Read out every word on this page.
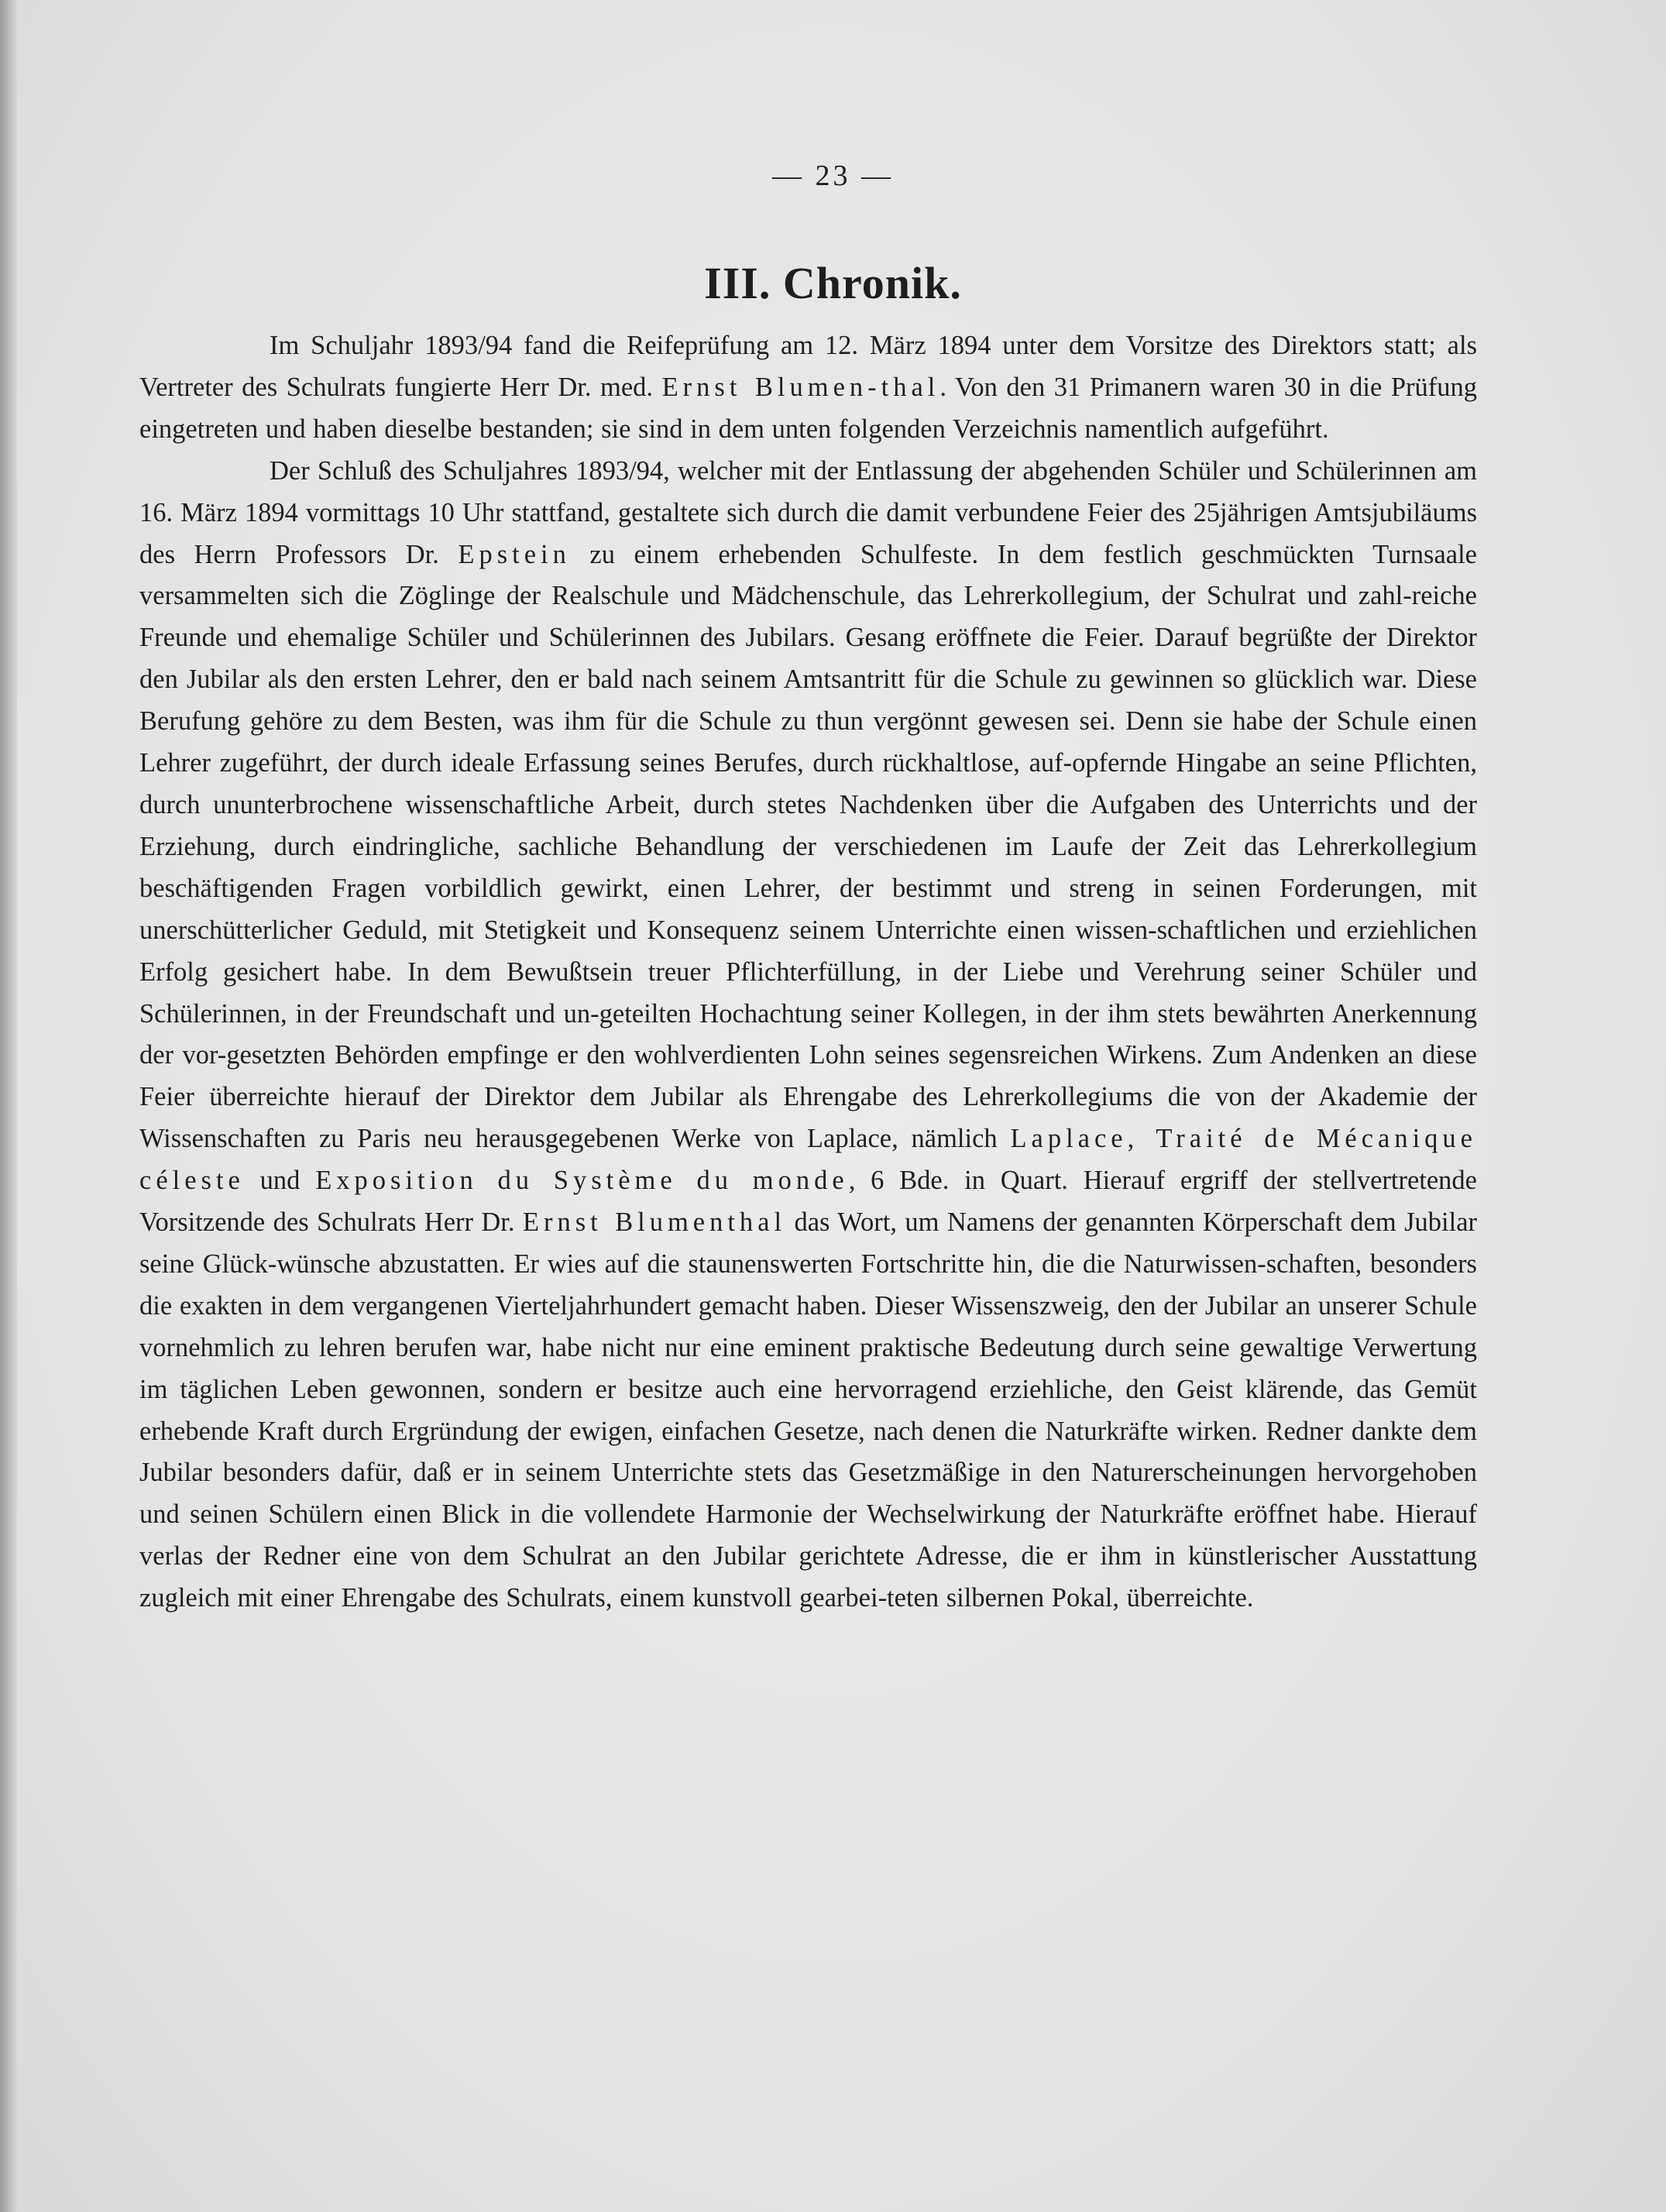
— 23 —
III. Chronik.

Im Schuljahr 1893/94 fand die Reifeprüfung am 12. März 1894 unter dem Vorsitze des Direktors statt; als Vertreter des Schulrats fungierte Herr Dr. med. Ernst Blumen-thal. Von den 31 Primanern waren 30 in die Prüfung eingetreten und haben dieselbe bestanden; sie sind in dem unten folgenden Verzeichnis namentlich aufgeführt.

Der Schluß des Schuljahres 1893/94, welcher mit der Entlassung der abgehenden Schüler und Schülerinnen am 16. März 1894 vormittags 10 Uhr stattfand, gestaltete sich durch die damit verbundene Feier des 25jährigen Amtsjubiläums des Herrn Professors Dr. Epstein zu einem erhebenden Schulfeste. In dem festlich geschmückten Turnsaale versammelten sich die Zöglinge der Realschule und Mädchenschule, das Lehrerkollegium, der Schulrat und zahl-reiche Freunde und ehemalige Schüler und Schülerinnen des Jubilars. Gesang eröffnete die Feier. Darauf begrüßte der Direktor den Jubilar als den ersten Lehrer, den er bald nach seinem Amtsantritt für die Schule zu gewinnen so glücklich war. Diese Berufung gehöre zu dem Besten, was ihm für die Schule zu thun vergönnt gewesen sei. Denn sie habe der Schule einen Lehrer zugeführt, der durch ideale Erfassung seines Berufes, durch rückhaltlose, auf-opfernde Hingabe an seine Pflichten, durch ununterbrochene wissenschaftliche Arbeit, durch stetes Nachdenken über die Aufgaben des Unterrichts und der Erziehung, durch eindringliche, sachliche Behandlung der verschiedenen im Laufe der Zeit das Lehrerkollegium beschäftigenden Fragen vorbildlich gewirkt, einen Lehrer, der bestimmt und streng in seinen Forderungen, mit unerschütterlicher Geduld, mit Stetigkeit und Konsequenz seinem Unterrichte einen wissen-schaftlichen und erziehlichen Erfolg gesichert habe. In dem Bewußtsein treuer Pflichterfüllung, in der Liebe und Verehrung seiner Schüler und Schülerinnen, in der Freundschaft und un-geteilten Hochachtung seiner Kollegen, in der ihm stets bewährten Anerkennung der vor-gesetzten Behörden empfinge er den wohlverdienten Lohn seines segensreichen Wirkens. Zum Andenken an diese Feier überreichte hierauf der Direktor dem Jubilar als Ehrengabe des Lehrerkollegiums die von der Akademie der Wissenschaften zu Paris neu herausgegebenen Werke von Laplace, nämlich Laplace, Traité de Mécanique céleste und Exposition du Système du monde, 6 Bde. in Quart. Hierauf ergriff der stellvertretende Vorsitzende des Schulrats Herr Dr. Ernst Blumenthal das Wort, um Namens der genannten Körperschaft dem Jubilar seine Glück-wünsche abzustatten. Er wies auf die staunenswerten Fortschritte hin, die die Naturwissen-schaften, besonders die exakten in dem vergangenen Vierteljahrhundert gemacht haben. Dieser Wissenszweig, den der Jubilar an unserer Schule vornehmlich zu lehren berufen war, habe nicht nur eine eminent praktische Bedeutung durch seine gewaltige Verwertung im täglichen Leben gewonnen, sondern er besitze auch eine hervorragend erziehliche, den Geist klärende, das Gemüt erhebende Kraft durch Ergründung der ewigen, einfachen Gesetze, nach denen die Naturkräfte wirken. Redner dankte dem Jubilar besonders dafür, daß er in seinem Unterrichte stets das Gesetzmäßige in den Naturerscheinungen hervorgehoben und seinen Schülern einen Blick in die vollendete Harmonie der Wechselwirkung der Naturkräfte eröffnet habe. Hierauf verlas der Redner eine von dem Schulrat an den Jubilar gerichtete Adresse, die er ihm in künstlerischer Ausstattung zugleich mit einer Ehrengabe des Schulrats, einem kunstvoll gearbei-teten silbernen Pokal, überreichte.
